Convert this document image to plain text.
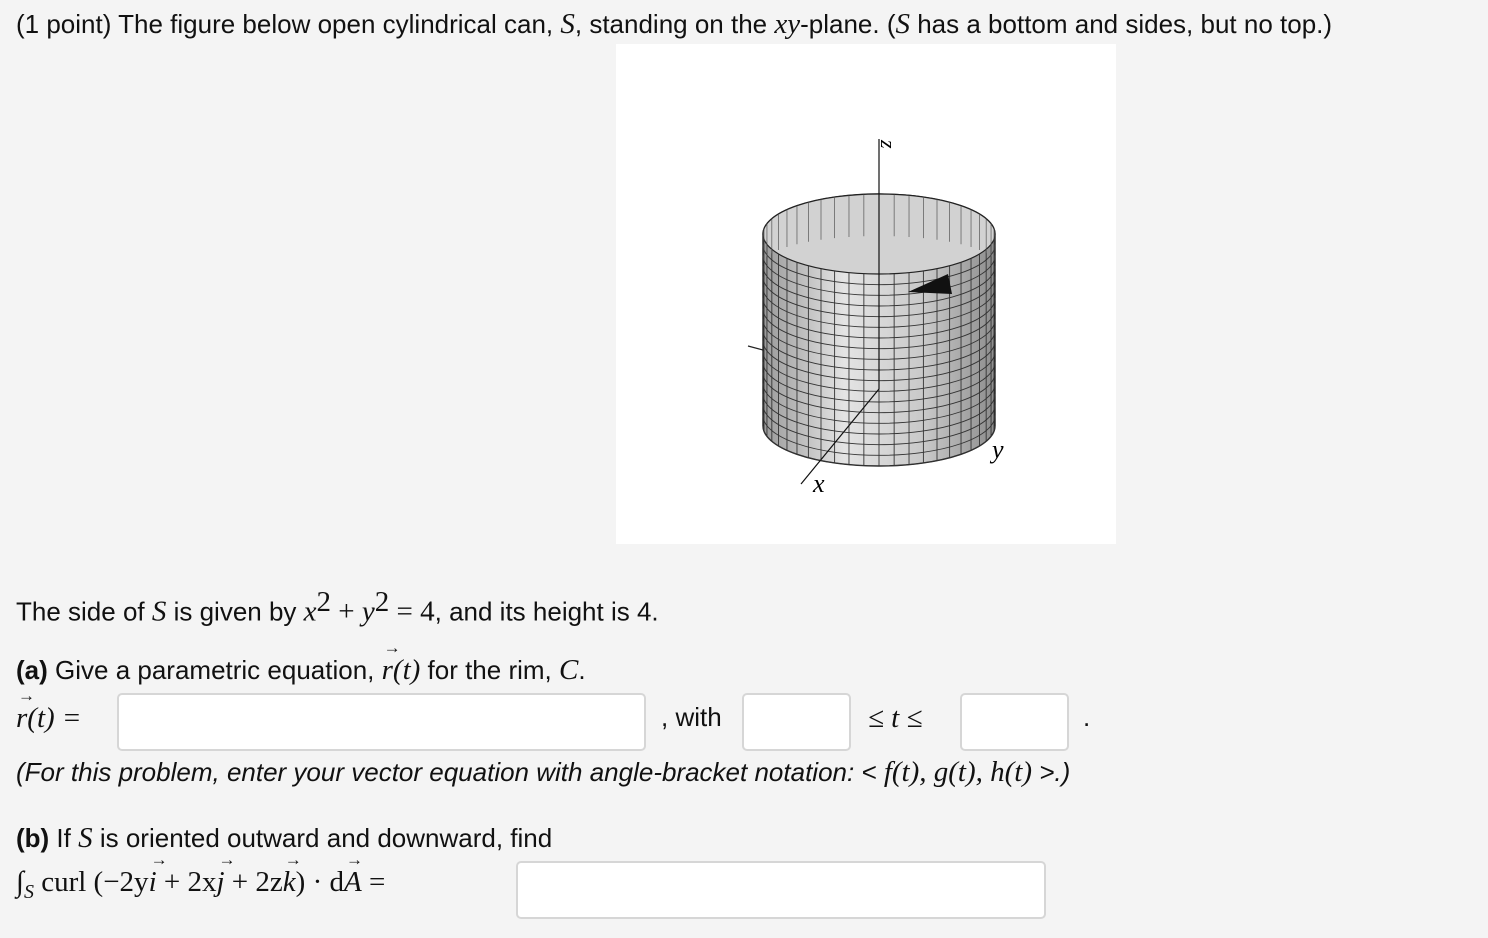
(1 point) The figure below open cylindrical can, S, standing on the xy-plane. (S has a bottom and sides, but no top.)
z
y
x
The side of S is given by $x^2 + y^2 = 4$, and its height is 4.
(a) Give a parametric equation, → r(t) for the rim, C.
→ r(t) =	, with	≤ t ≤	.
(For this problem, enter your vector equation with angle-bracket notation: < f(t), g(t), h(t) >.)
(b) If S is oriented outward and downward, find
$\int_S$ curl (−2y→ i + 2x→ j + 2z→ k) · d→ A =
